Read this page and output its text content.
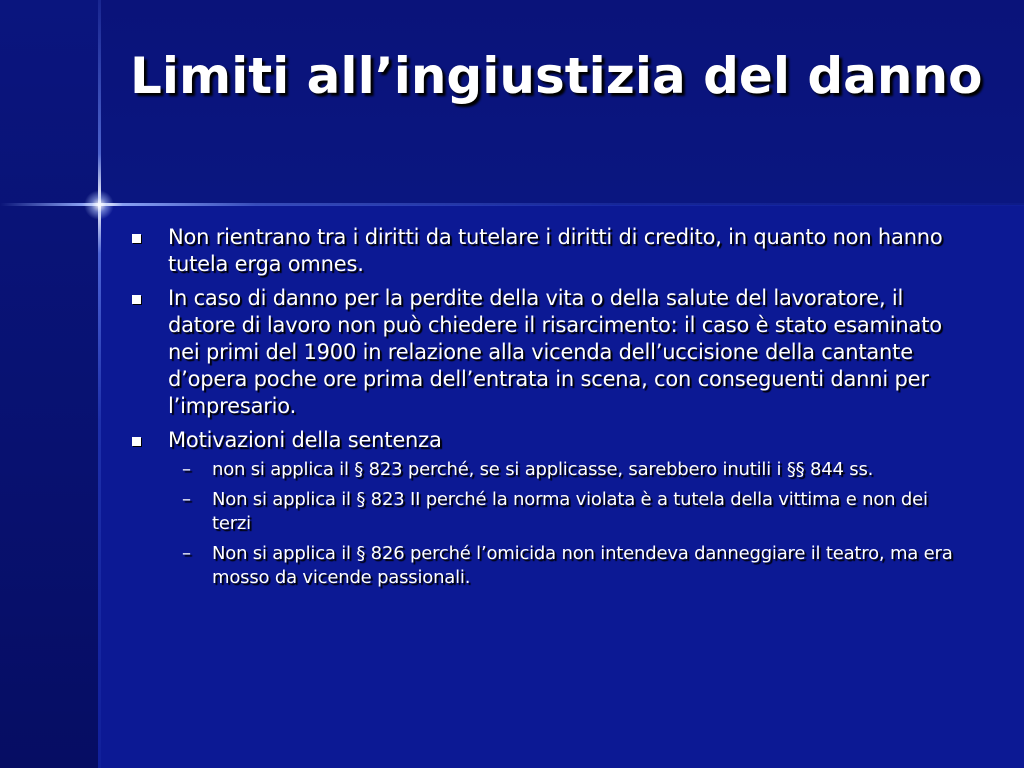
Limiti all’ingiustizia del danno
Non rientrano tra i diritti da tutelare i diritti di credito, in quanto non hanno tutela erga omnes.
In caso di danno per la perdite della vita o della salute del lavoratore, il datore di lavoro non può chiedere il risarcimento: il caso è stato esaminato nei primi del 1900 in relazione alla vicenda dell’uccisione della cantante d’opera poche ore prima dell’entrata in scena, con conseguenti danni per l’impresario.
Motivazioni della sentenza
– non si applica il § 823 perché, se si applicasse, sarebbero inutili i §§ 844 ss.
– Non si applica il § 823 II perché la norma violata è a tutela della vittima e non dei terzi
– Non si applica il § 826 perché l’omicida non intendeva danneggiare il teatro, ma era mosso da vicende passionali.
